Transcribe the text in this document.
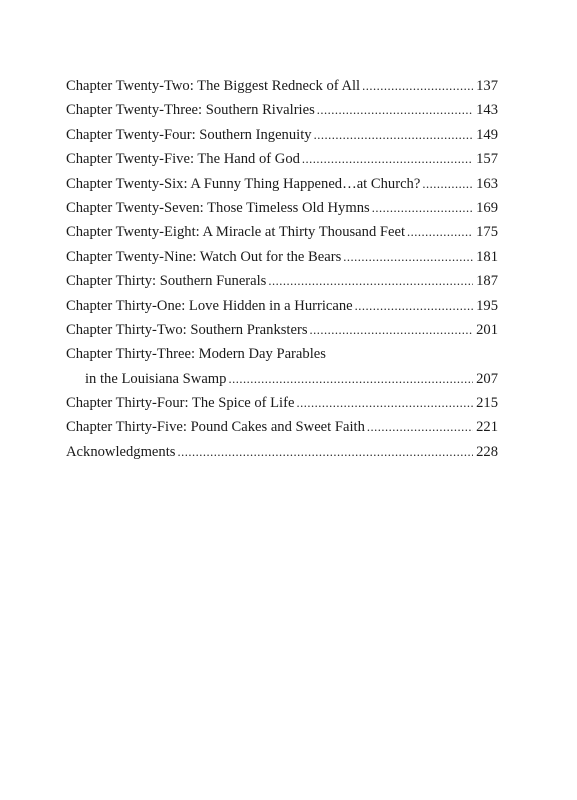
Chapter Twenty-Two: The Biggest Redneck of All .....	137
Chapter Twenty-Three: Southern Rivalries .....	143
Chapter Twenty-Four: Southern Ingenuity .....	149
Chapter Twenty-Five: The Hand of God .....	157
Chapter Twenty-Six: A Funny Thing Happened…at Church? .....	163
Chapter Twenty-Seven: Those Timeless Old Hymns .....	169
Chapter Twenty-Eight: A Miracle at Thirty Thousand Feet .....	175
Chapter Twenty-Nine: Watch Out for the Bears .....	181
Chapter Thirty: Southern Funerals .....	187
Chapter Thirty-One: Love Hidden in a Hurricane .....	195
Chapter Thirty-Two: Southern Pranksters .....	201
Chapter Thirty-Three: Modern Day Parables
in the Louisiana Swamp .....	207
Chapter Thirty-Four: The Spice of Life .....	215
Chapter Thirty-Five: Pound Cakes and Sweet Faith .....	221
Acknowledgments .....	228
